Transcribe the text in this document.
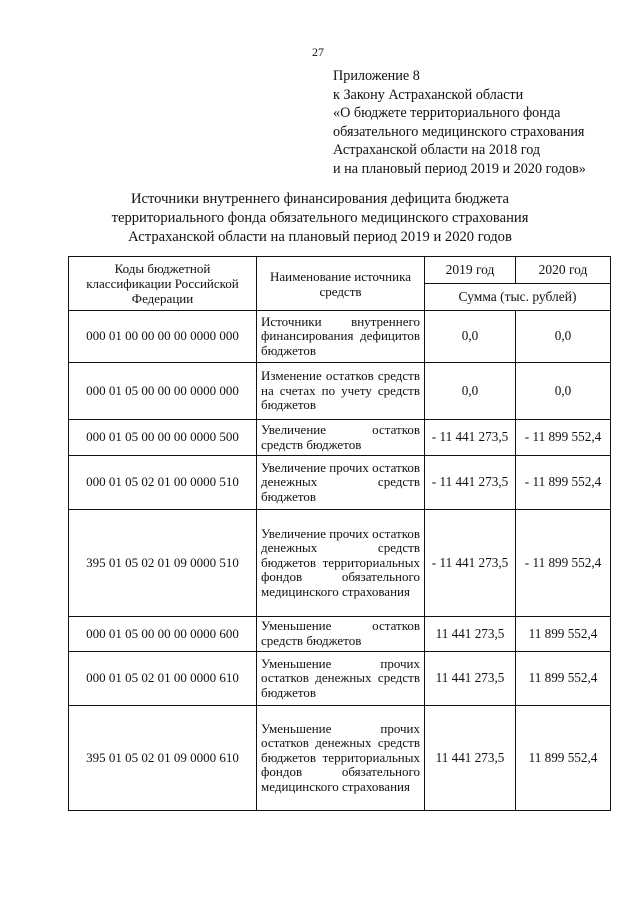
27
Приложение 8
к Закону Астраханской области
«О бюджете территориального фонда
обязательного медицинского страхования
Астраханской области на 2018 год
и на плановый период 2019 и 2020 годов»
Источники внутреннего финансирования дефицита бюджета
территориального фонда обязательного медицинского страхования
Астраханской области на плановый период 2019 и 2020 годов
Коды бюджетной классификации Российской Федерации	Наименование источника средств	2019 год	2020 год
		Сумма (тыс. рублей)	
000 01 00 00 00 00 0000 000	Источники внутреннего финансирования дефицитов бюджетов	0,0	0,0
000 01 05 00 00 00 0000 000	Изменение остатков средств на счетах по учету средств бюджетов	0,0	0,0
000 01 05 00 00 00 0000 500	Увеличение остатков средств бюджетов	- 11 441 273,5	- 11 899 552,4
000 01 05 02 01 00 0000 510	Увеличение прочих остатков денежных средств бюджетов	- 11 441 273,5	- 11 899 552,4
395 01 05 02 01 09 0000 510	Увеличение прочих остатков денежных средств бюджетов территориальных фондов обязательного медицинского страхования	- 11 441 273,5	- 11 899 552,4
000 01 05 00 00 00 0000 600	Уменьшение остатков средств бюджетов	11 441 273,5	11 899 552,4
000 01 05 02 01 00 0000 610	Уменьшение прочих остатков денежных средств бюджетов	11 441 273,5	11 899 552,4
395 01 05 02 01 09 0000 610	Уменьшение прочих остатков денежных средств бюджетов территориальных фондов обязательного медицинского страхования	11 441 273,5	11 899 552,4
